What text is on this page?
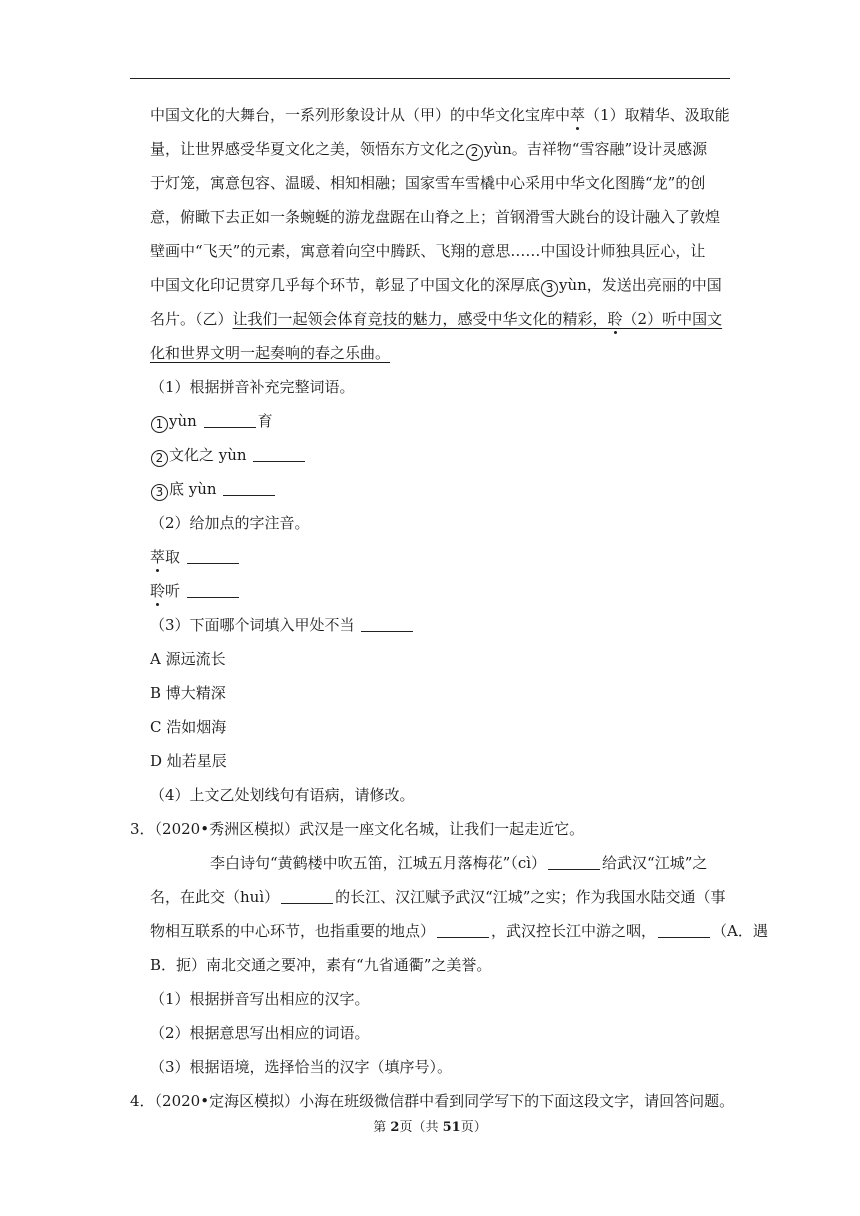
中国文化的大舞台，一系列形象设计从（甲）的中华文化宝库中萃（1）取精华、汲取能
量，让世界感受华夏文化之美，领悟东方文化之 2 yùn。吉祥物“雪容融”设计灵感源
于灯笼，寓意包容、温暖、相知相融；国家雪车雪橇中心采用中华文化图腾“龙”的创
意，俯瞰下去正如一条蜿蜒的游龙盘踞在山脊之上；首钢滑雪大跳台的设计融入了敦煌
壁画中“飞天”的元素，寓意着向空中腾跃、飞翔的意思……中国设计师独具匠心，让
中国文化印记贯穿几乎每个环节，彰显了中国文化的深厚底 3 yùn，发送出亮丽的中国
名片。（乙）让我们一起领会体育竞技的魅力，感受中华文化的精彩，聆（2）听中国文
化和世界文明一起奏响的春之乐曲。
（1）根据拼音补充完整词语。
1 yùn	育
2 文化之 yùn
3 底 yùn
（2）给加点的字注音。
萃取
聆听
（3）下面哪个词填入甲处不当
A 源远流长
B 博大精深
C 浩如烟海
D 灿若星辰
（4）上文乙处划线句有语病，请修改。
3．（2020•秀洲区模拟）武汉是一座文化名城，让我们一起走近它。
李白诗句“黄鹤楼中吹五笛，江城五月落梅花”（cì）	给武汉“江城”之
名，在此交（huì）	的长江、汉江赋予武汉“江城”之实；作为我国水陆交通（事
物相互联系的中心环节，也指重要的地点）	，武汉控长江中游之咽，	（A．遇
B．扼）南北交通之要冲，素有“九省通衢”之美誉。
（1）根据拼音写出相应的汉字。
（2）根据意思写出相应的词语。
（3）根据语境，选择恰当的汉字（填序号）。
4．（2020•定海区模拟）小海在班级微信群中看到同学写下的下面这段文字，请回答问题。
第 2页（共 51页）
